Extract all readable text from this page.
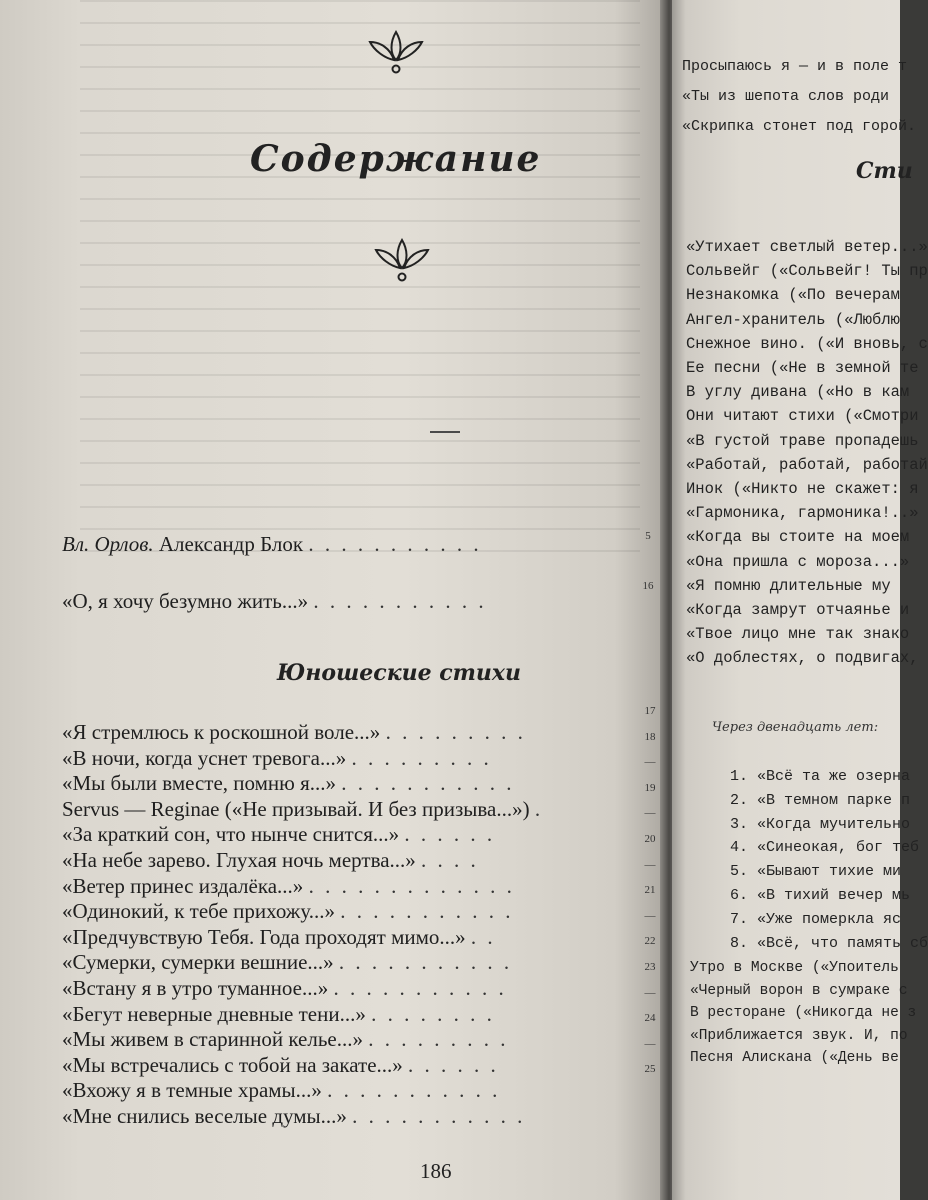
Содержание
Вл. Орлов. Александр Блок . . . . . . . . . . .	5
«О, я хочу безумно жить...» . . . . . . . . . . .
16
Юношеские стихи
186
«Я стремлюсь к роскошной воле...» . . . . . . . . .
17
«В ночи, когда уснет тревога...» . . . . . . . . .
18
«Мы были вместе, помню я...» . . . . . . . . . . .
—
Servus — Reginae («Не призывай. И без призыва...») .
19
«За краткий сон, что нынче снится...» . . . . . .
—
«На небе зарево. Глухая ночь мертва...» . . . .
20
«Ветер принес издалёка...» . . . . . . . . . . . . .
—
«Одинокий, к тебе прихожу...» . . . . . . . . . . .
21
«Предчувствую Тебя. Года проходят мимо...» . .
—
«Сумерки, сумерки вешние...» . . . . . . . . . . .
22
«Встану я в утро туманное...» . . . . . . . . . . .
23
«Бегут неверные дневные тени...» . . . . . . . .
—
«Мы живем в старинной келье...» . . . . . . . . .
24
«Мы встречались с тобой на закате...» . . . . . .
—
«Вхожу я в темные храмы...» . . . . . . . . . . .
25
«Мне снились веселые думы...» . . . . . . . . . . .
Сти
Через двенадцать лет:
Просыпаюсь я — и в поле т
«Ты из шепота слов роди
«Скрипка стонет под горой.
«Утихает светлый ветер...»
Сольвейг («Сольвейг! Ты пр
Незнакомка («По вечерам
Ангел-хранитель («Люблю
Снежное вино. («И вновь, с
Ее песни («Не в земной те
В углу дивана («Но в кам
Они читают стихи («Смотри
«В густой траве пропадешь
«Работай, работай, работай
Инок («Никто не скажет: я
«Гармоника, гармоника!..»
«Когда вы стоите на моем
«Она пришла с мороза...»
«Я помню длительные му
«Когда замрут отчаянье и
«Твое лицо мне так знако
«О доблестях, о подвигах,
1. «Всё та же озерна
2. «В темном парке п
3. «Когда мучительно
4. «Синеокая, бог теб
5. «Бывают тихие ми
6. «В тихий вечер мь
7. «Уже померкла яс
8. «Всё, что память сб
Утро в Москве («Упоитель
«Черный ворон в сумраке с
В ресторане («Никогда не з
«Приближается звук. И, по
Песня Алискана («День ве
